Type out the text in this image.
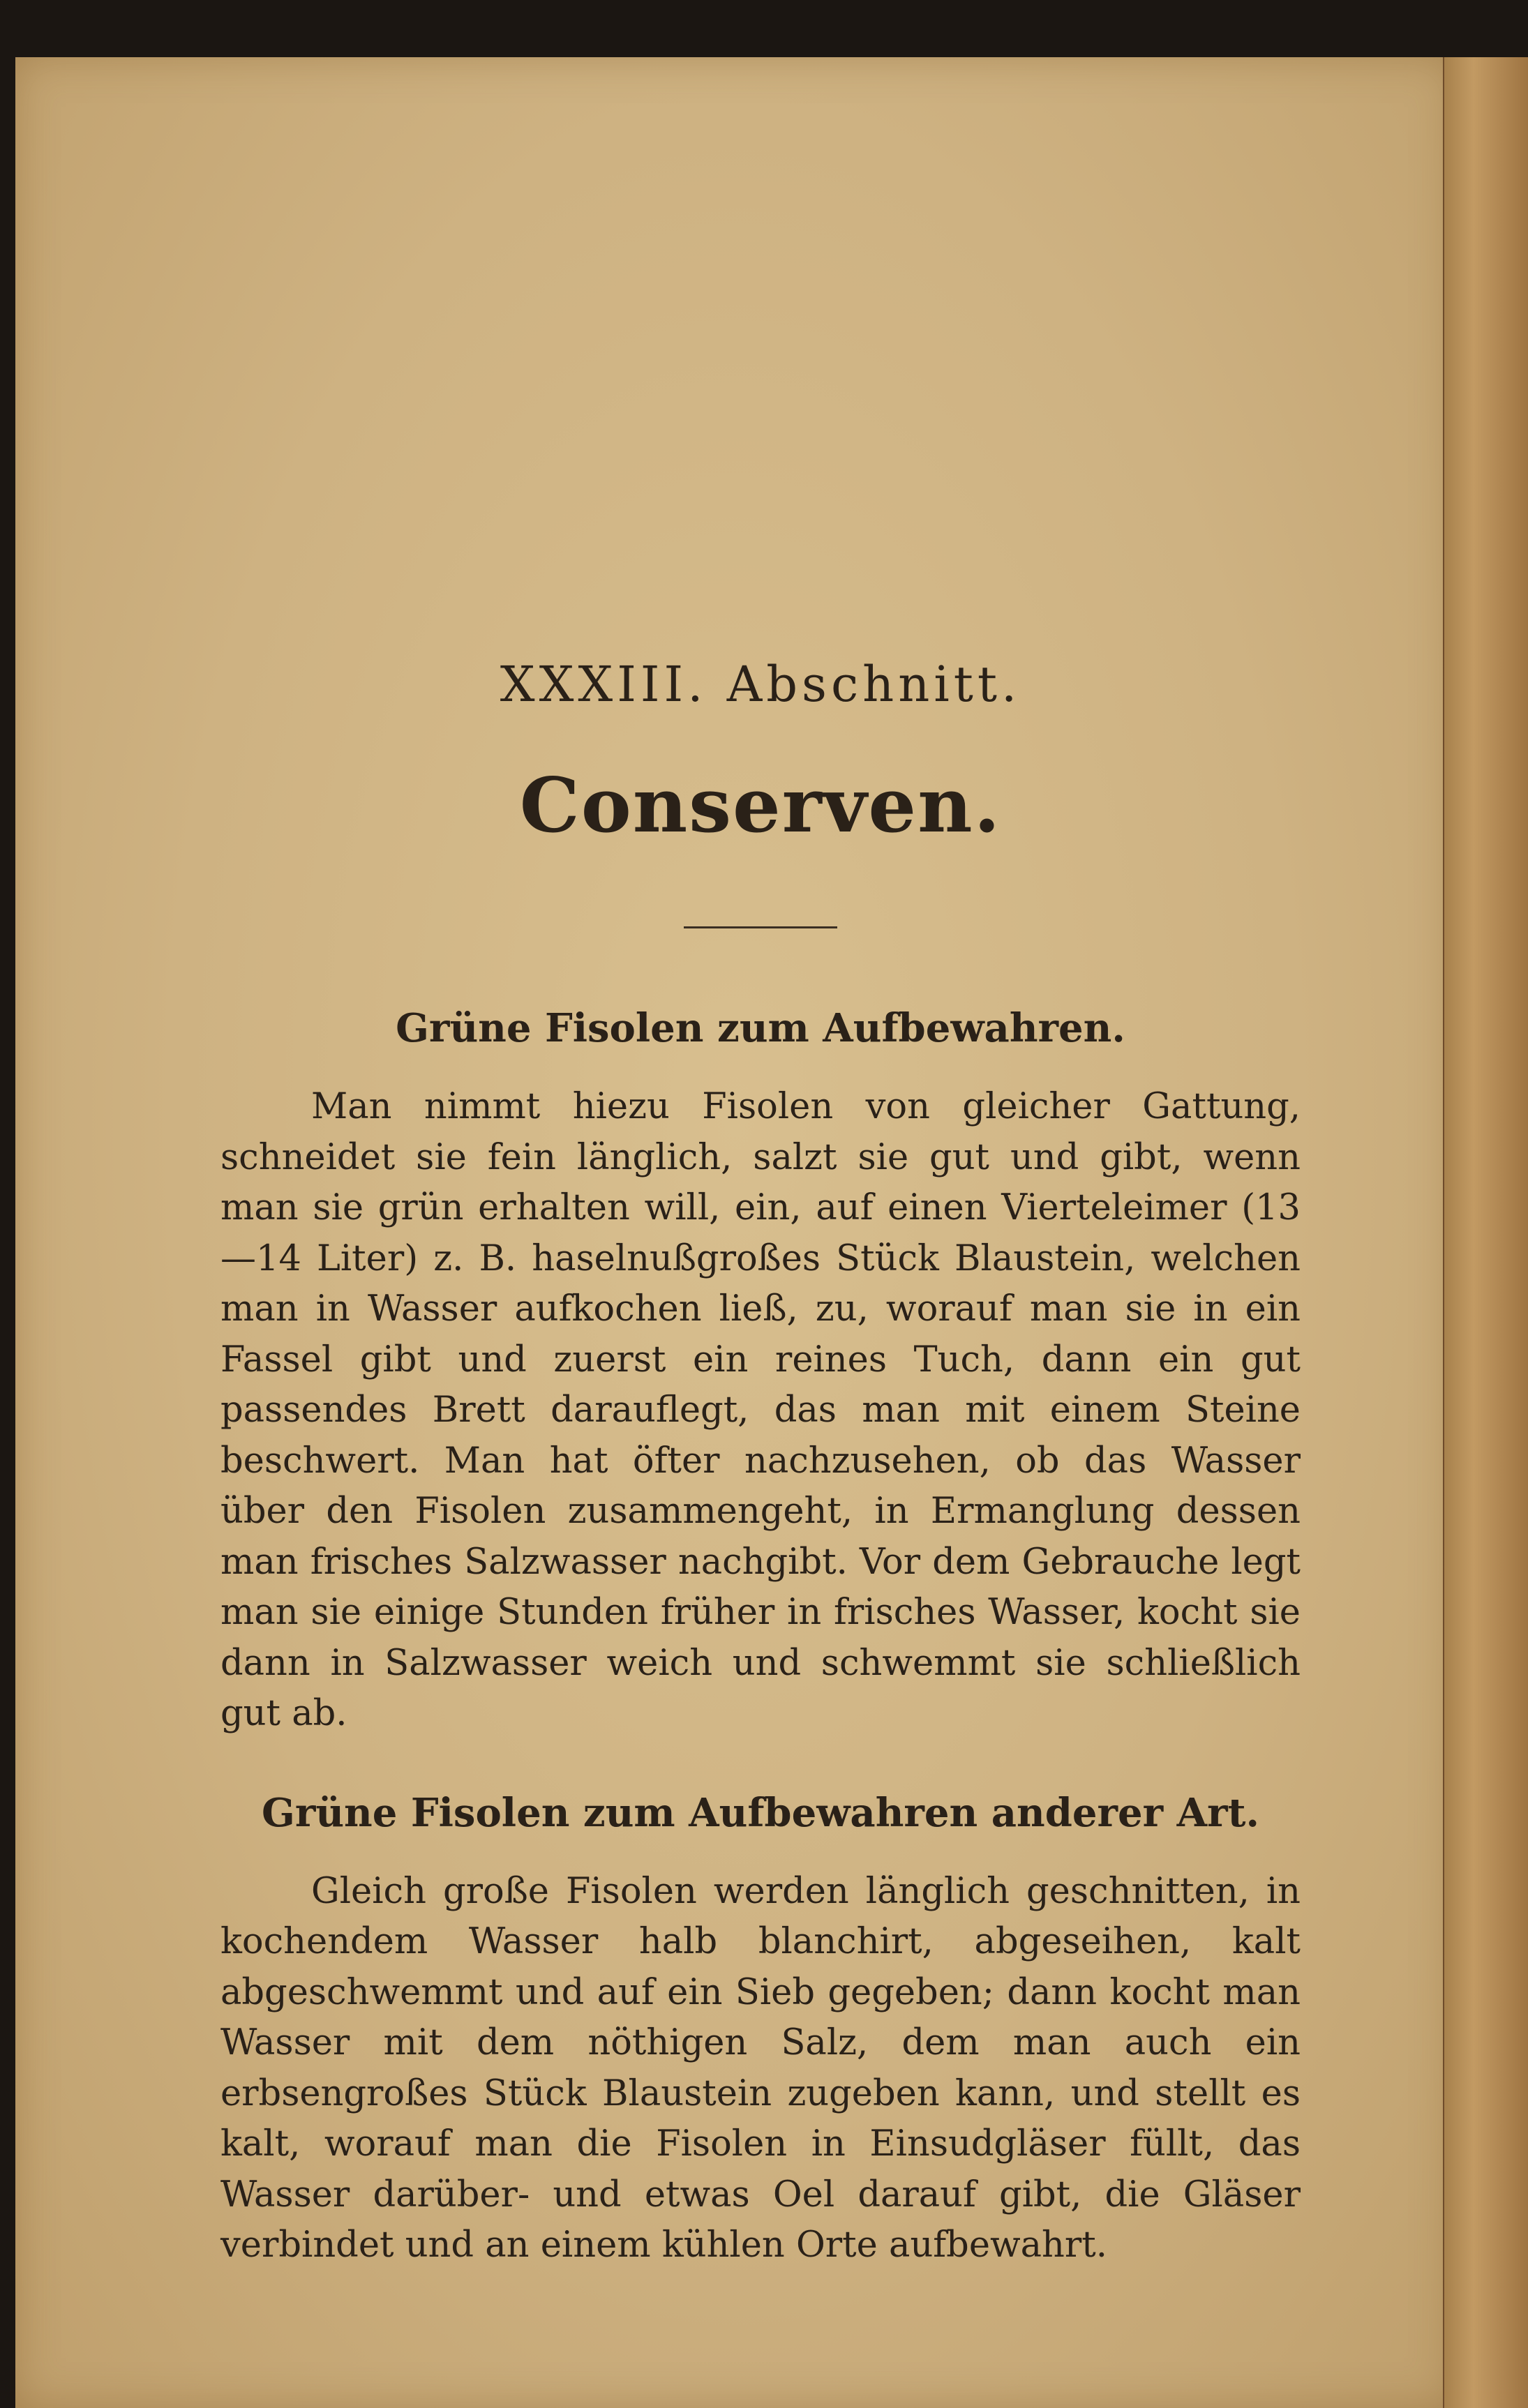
XXXIII. Abschnitt.
Conserven.
Grüne Fisolen zum Aufbewahren.

Man nimmt hiezu Fisolen von gleicher Gattung, schneidet sie fein länglich, salzt sie gut und gibt, wenn man sie grün erhalten will, ein, auf einen Vierteleimer (13—14 Liter) z. B. haselnußgroßes Stück Blaustein, welchen man in Wasser aufkochen ließ, zu, worauf man sie in ein Fassel gibt und zuerst ein reines Tuch, dann ein gut passendes Brett darauflegt, das man mit einem Steine beschwert. Man hat öfter nachzusehen, ob das Wasser über den Fisolen zusammengeht, in Ermanglung dessen man frisches Salzwasser nachgibt. Vor dem Gebrauche legt man sie einige Stunden früher in frisches Wasser, kocht sie dann in Salzwasser weich und schwemmt sie schließlich gut ab.

Grüne Fisolen zum Aufbewahren anderer Art.

Gleich große Fisolen werden länglich geschnitten, in kochendem Wasser halb blanchirt, abgeseihen, kalt abgeschwemmt und auf ein Sieb gegeben; dann kocht man Wasser mit dem nöthigen Salz, dem man auch ein erbsengroßes Stück Blaustein zugeben kann, und stellt es kalt, worauf man die Fisolen in Einsudgläser füllt, das Wasser darüber- und etwas Oel darauf gibt, die Gläser verbindet und an einem kühlen Orte aufbewahrt.
